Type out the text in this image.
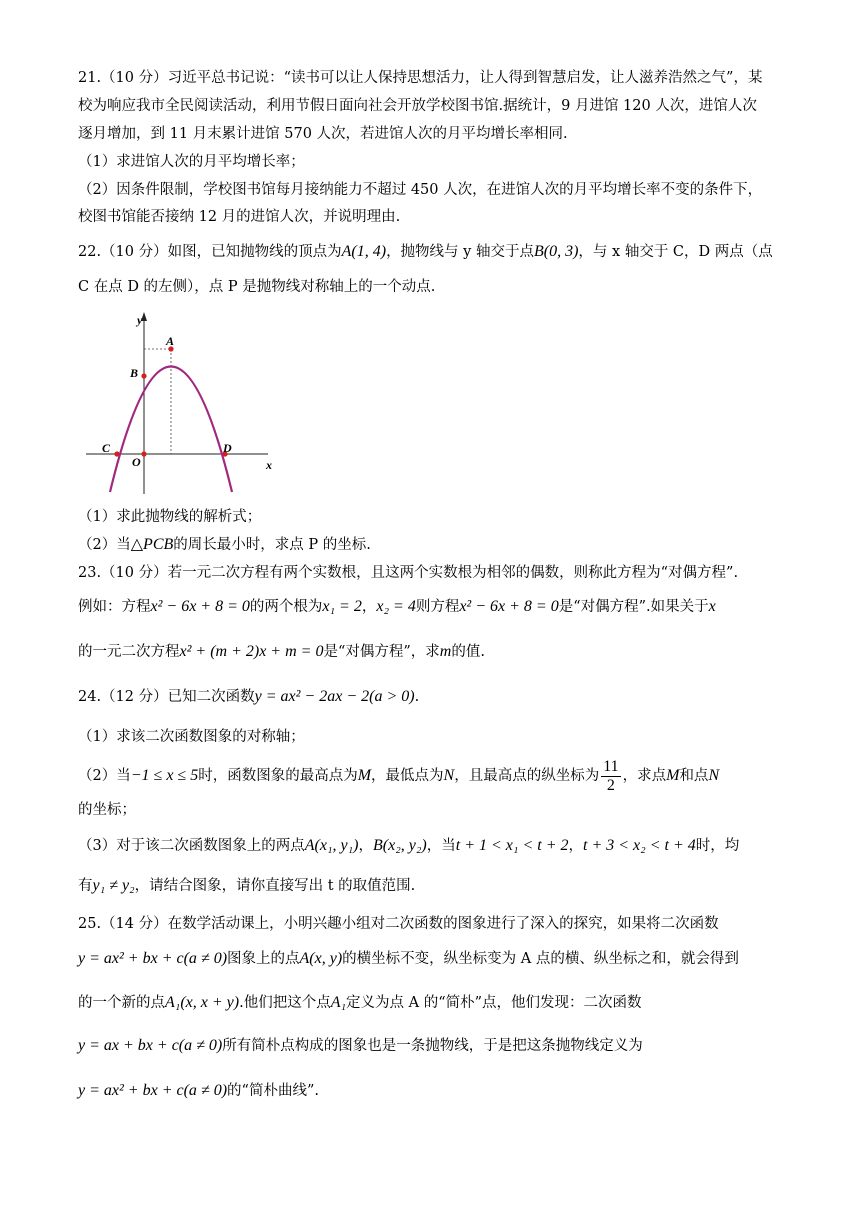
21.（10 分）习近平总书记说：“读书可以让人保持思想活力，让人得到智慧启发，让人滋养浩然之气”，某
校为响应我市全民阅读活动，利用节假日面向社会开放学校图书馆.据统计，9 月进馆 120 人次，进馆人次
逐月增加，到 11 月末累计进馆 570 人次，若进馆人次的月平均增长率相同.
（1）求进馆人次的月平均增长率；
（2）因条件限制，学校图书馆每月接纳能力不超过 450 人次，在进馆人次的月平均增长率不变的条件下，
校图书馆能否接纳 12 月的进馆人次，并说明理由.
22.（10 分）如图，已知抛物线的顶点为A(1, 4)，抛物线与 y 轴交于点B(0, 3)，与 x 轴交于 C，D 两点（点
C 在点 D 的左侧），点 P 是抛物线对称轴上的一个动点.
y
A
B
C
O
D
x
（1）求此抛物线的解析式；
（2）当△PCB的周长最小时，求点 P 的坐标.
23.（10 分）若一元二次方程有两个实数根，且这两个实数根为相邻的偶数，则称此方程为“对偶方程”.
例如：方程x² − 6x + 8 = 0的两个根为x₁ = 2，x₂ = 4则方程x² − 6x + 8 = 0是“对偶方程”.如果关于x
的一元二次方程x² + (m + 2)x + m = 0是“对偶方程”，求m的值.
24.（12 分）已知二次函数y = ax² − 2ax − 2(a > 0).
（1）求该二次函数图象的对称轴；
（2）当−1 ≤ x ≤ 5时，函数图象的最高点为M，最低点为N，且最高点的纵坐标为 $\frac{11}{2}$ ，求点M和点N
的坐标；
（3）对于该二次函数图象上的两点A(x₁, y₁)，B(x₂, y₂)，当t + 1 < x₁ < t + 2，t + 3 < x₂ < t + 4时，均
有y₁ ≠ y₂，请结合图象，请你直接写出 t 的取值范围.
25.（14 分）在数学活动课上，小明兴趣小组对二次函数的图象进行了深入的探究，如果将二次函数
y = ax² + bx + c(a ≠ 0)图象上的点A(x, y)的横坐标不变，纵坐标变为 A 点的横、纵坐标之和，就会得到
的一个新的点A₁(x, x + y).他们把这个点A₁定义为点 A 的“简朴”点，他们发现：二次函数
y = ax + bx + c(a ≠ 0)所有简朴点构成的图象也是一条抛物线，于是把这条抛物线定义为
y = ax² + bx + c(a ≠ 0)的“简朴曲线”.
